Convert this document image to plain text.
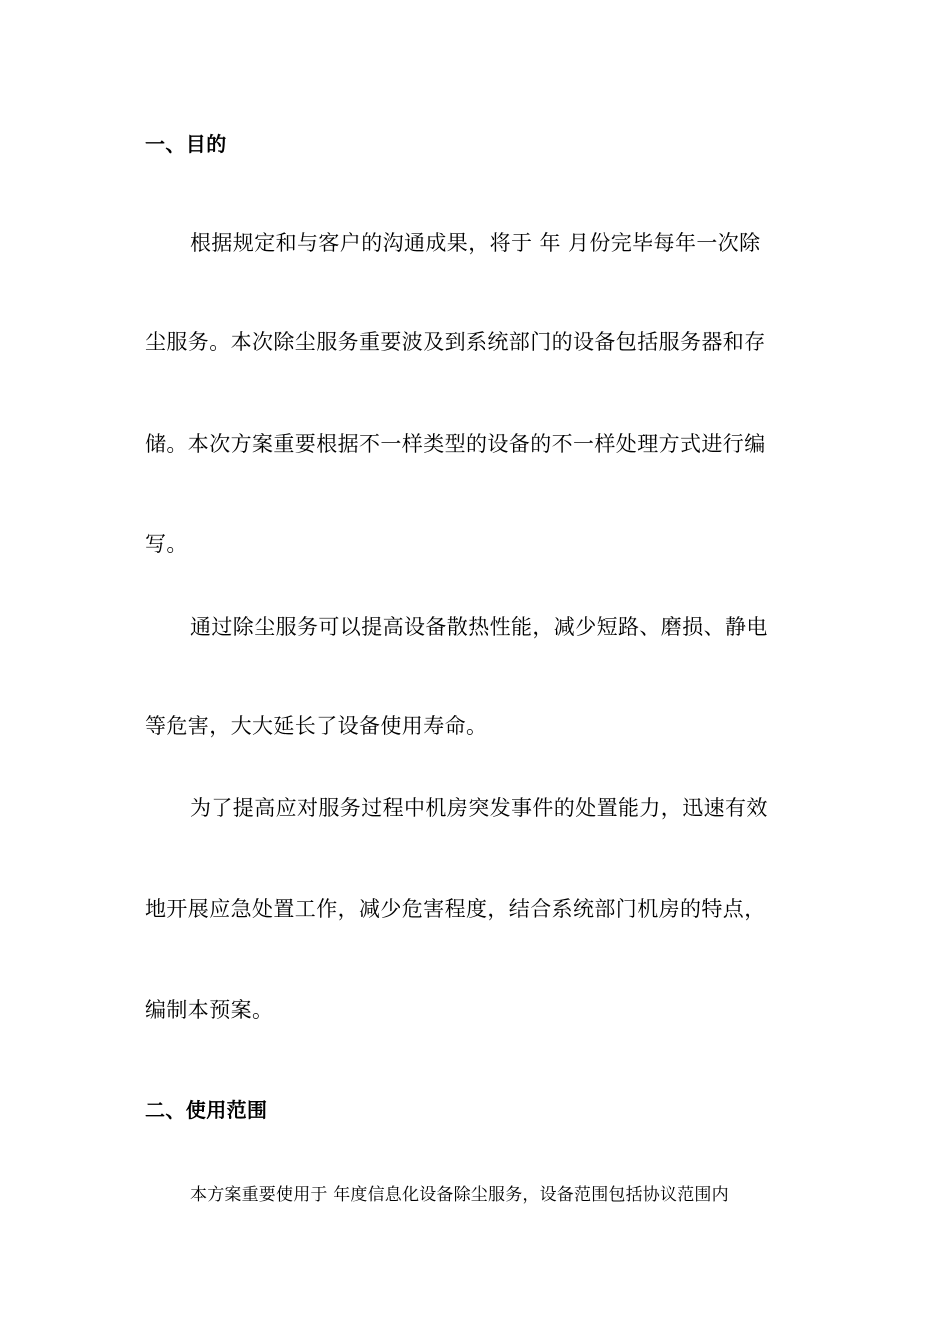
一、目的
根据规定和与客户的沟通成果，将于 年 月份完毕每年一次除
尘服务。本次除尘服务重要波及到系统部门的设备包括服务器和存
储。本次方案重要根据不一样类型的设备的不一样处理方式进行编
写。
通过除尘服务可以提高设备散热性能，减少短路、磨损、静电
等危害，大大延长了设备使用寿命。
为了提高应对服务过程中机房突发事件的处置能力，迅速有效
地开展应急处置工作，减少危害程度，结合系统部门机房的特点，
编制本预案。
二、使用范围
本方案重要使用于 年度信息化设备除尘服务，设备范围包括协议范围内
